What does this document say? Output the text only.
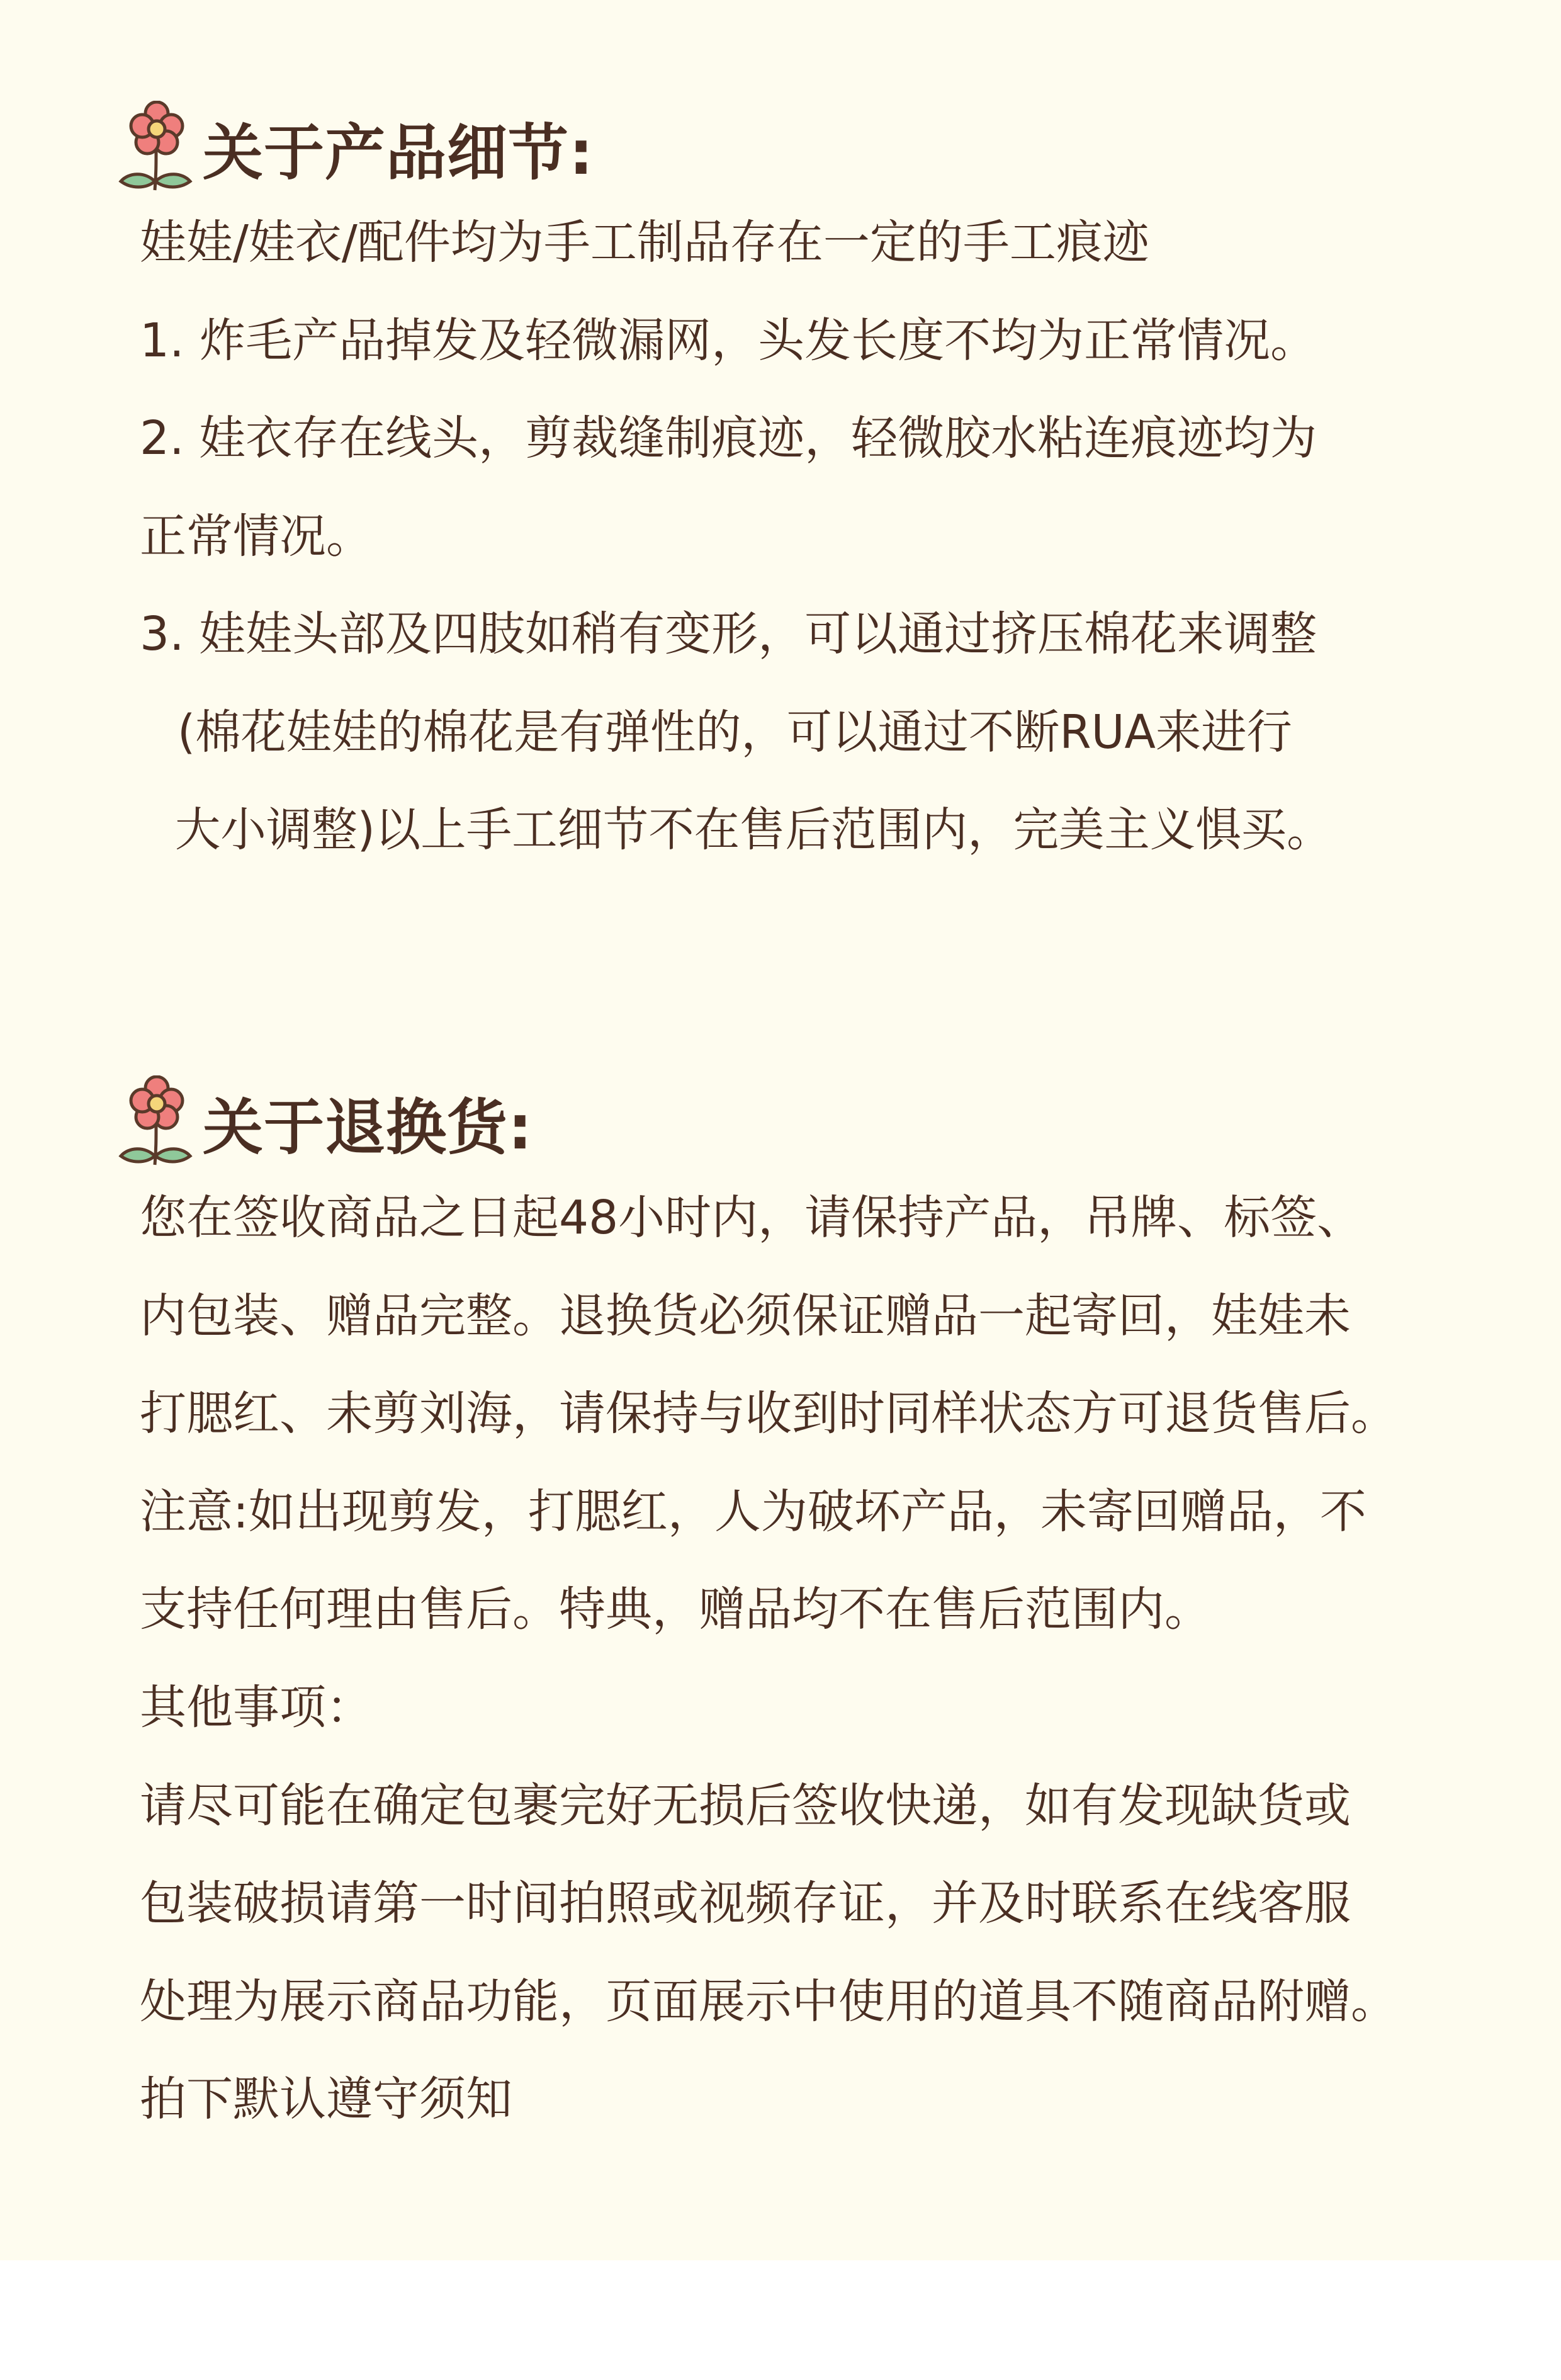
关于产品细节:
娃娃/娃衣/配件均为手工制品存在一定的手工痕迹
1. 炸毛产品掉发及轻微漏网，头发长度不均为正常情况。
2. 娃衣存在线头，剪裁缝制痕迹，轻微胶水粘连痕迹均为
正常情况。
3. 娃娃头部及四肢如稍有变形，可以通过挤压棉花来调整
(棉花娃娃的棉花是有弹性的，可以通过不断RUA来进行
大小调整)以上手工细节不在售后范围内，完美主义惧买。
关于退换货:
您在签收商品之日起48小时内，请保持产品，吊牌、标签、
内包装、赠品完整。退换货必须保证赠品一起寄回，娃娃未
打腮红、未剪刘海，请保持与收到时同样状态方可退货售后。
注意:如出现剪发，打腮红，人为破坏产品，未寄回赠品，不
支持任何理由售后。特典，赠品均不在售后范围内。
其他事项：
请尽可能在确定包裹完好无损后签收快递，如有发现缺货或
包装破损请第一时间拍照或视频存证，并及时联系在线客服
处理为展示商品功能，页面展示中使用的道具不随商品附赠。
拍下默认遵守须知
